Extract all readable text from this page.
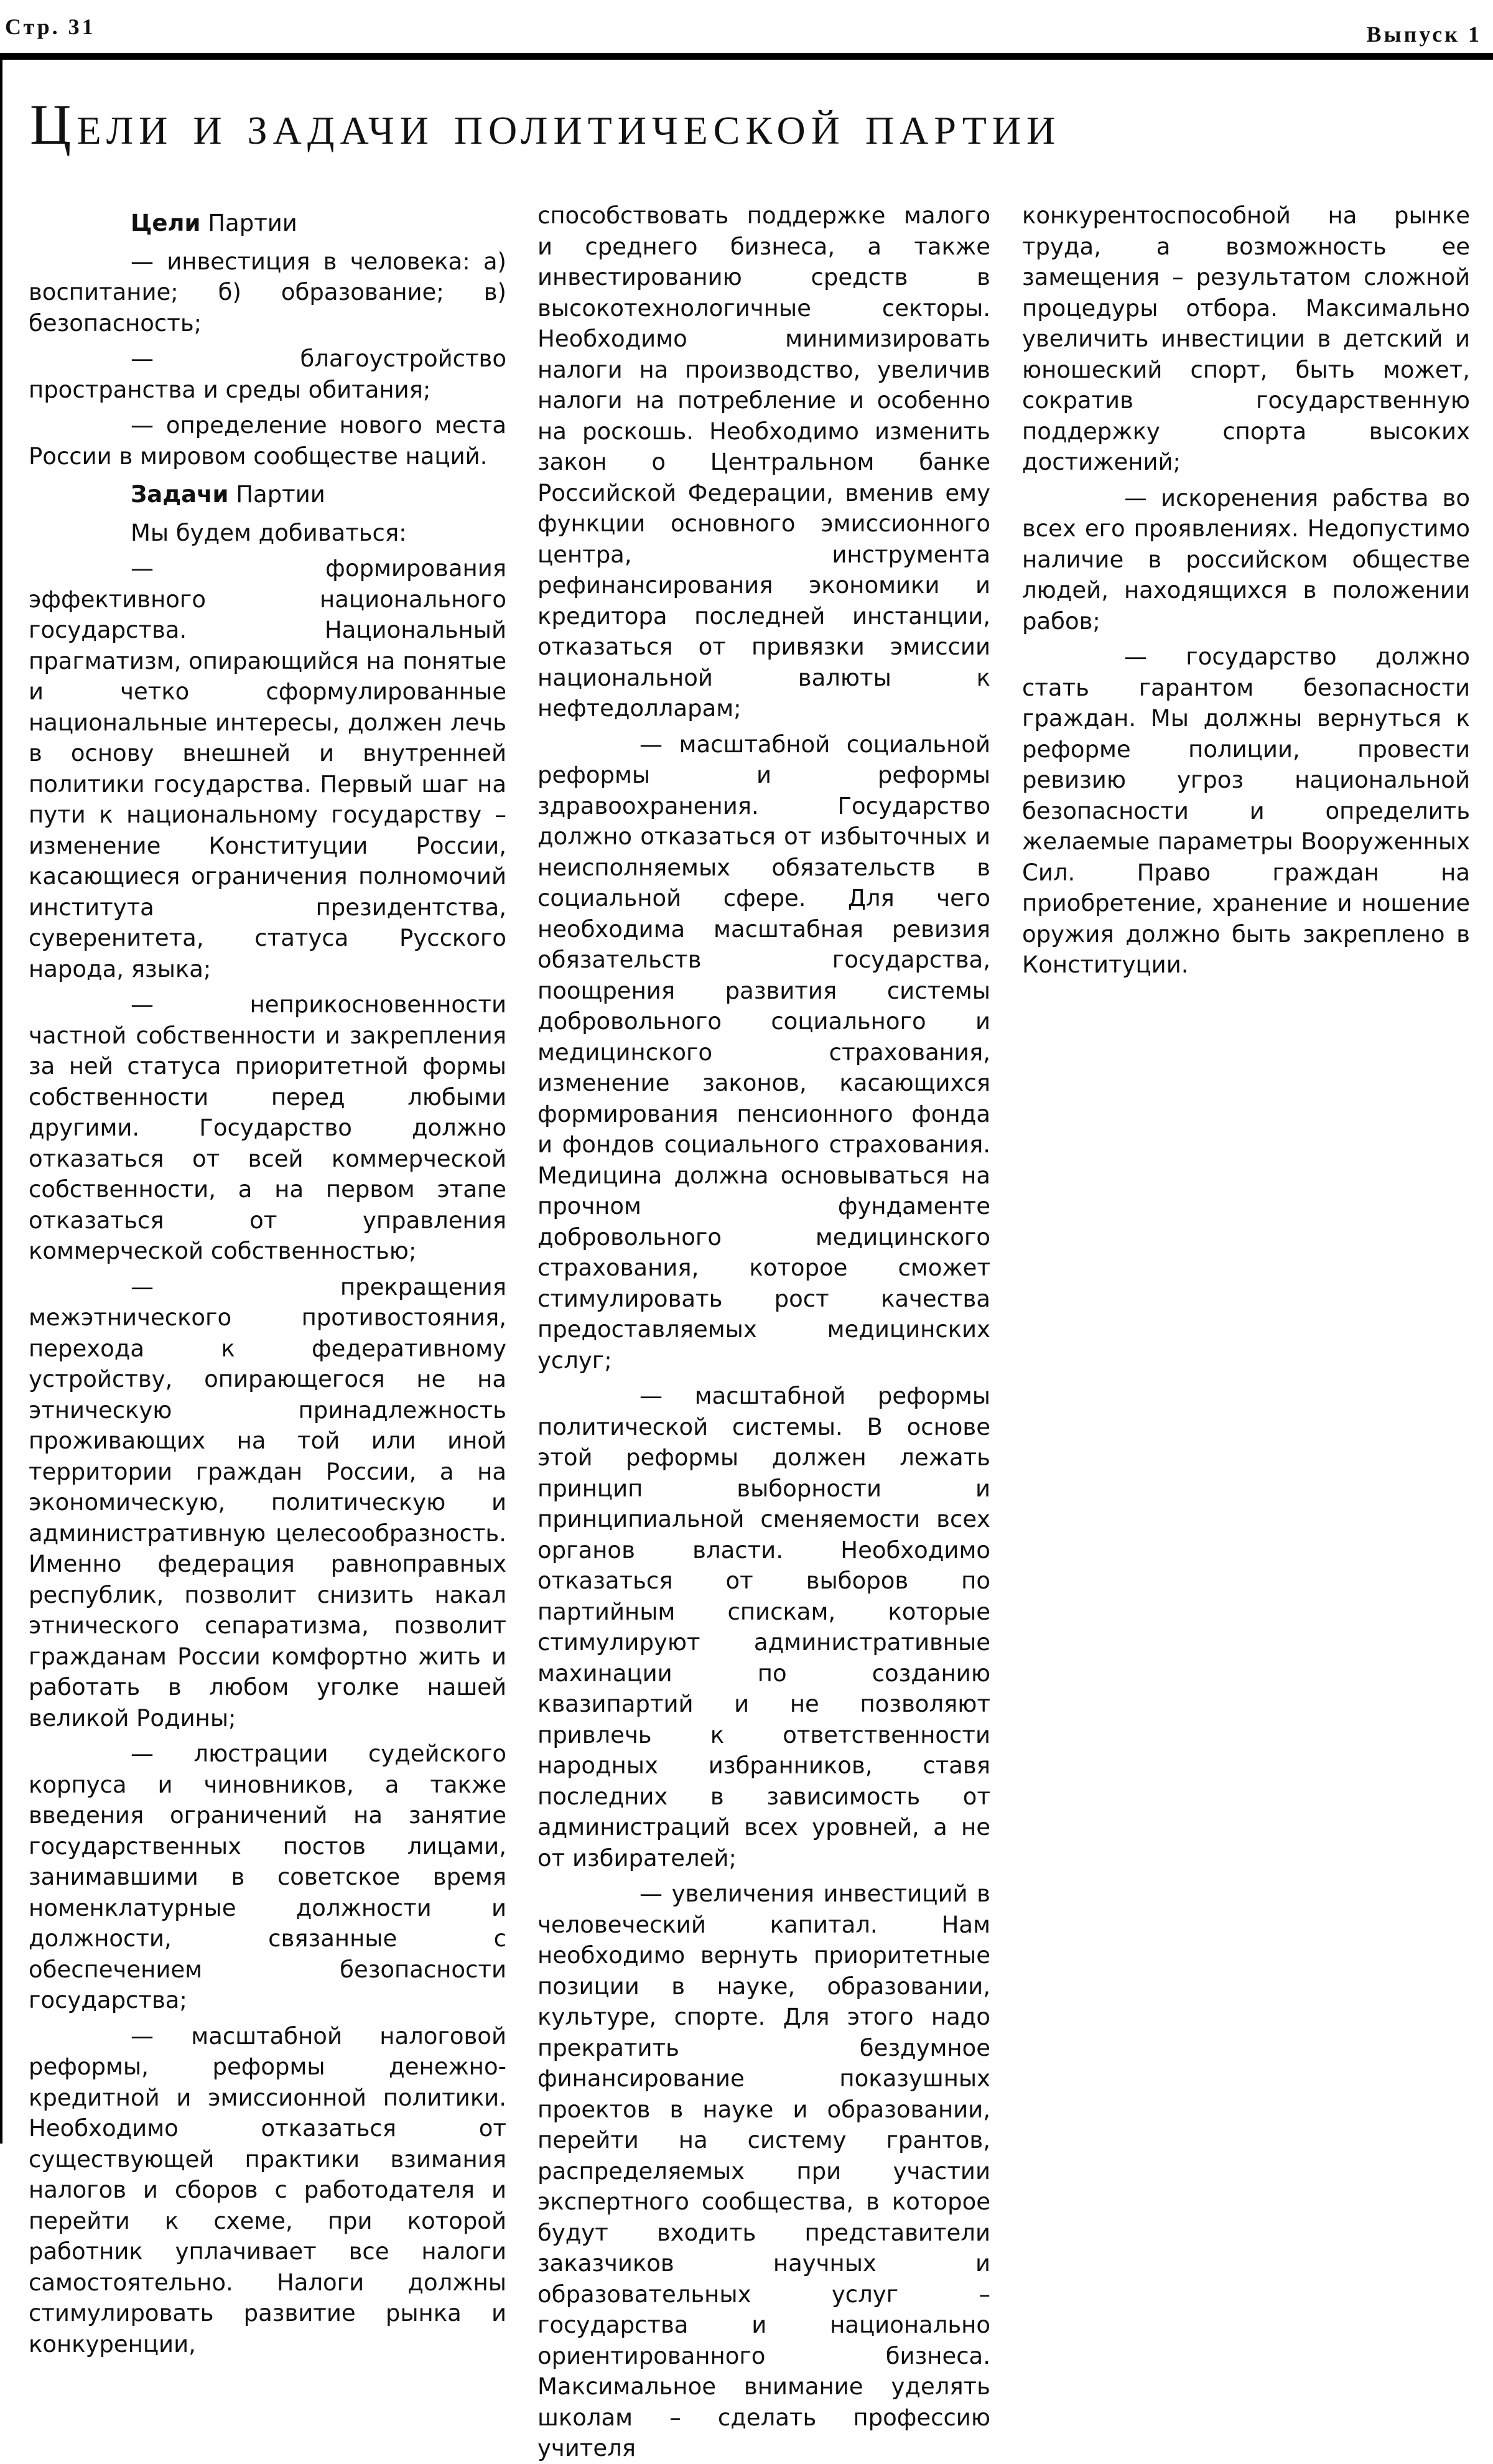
Стр. 31	Выпуск 1
Цели и задачи политической партии

Цели Партии

— инвестиция в человека: а) воспитание; б) образование; в) безопасность;

— благоустройство пространства и среды обитания;

— определение нового места России в мировом сообществе наций.

Задачи Партии

Мы будем добиваться:

— формирования эффективного национального государства. Национальный прагматизм, опирающийся на понятые и четко сформулированные национальные интересы, должен лечь в основу внешней и внутренней политики государства. Первый шаг на пути к национальному государству – изменение Конституции России, касающиеся ограничения полномочий института президентства, суверенитета, статуса Русского народа, языка;

— неприкосновенности частной собственности и закрепления за ней статуса приоритетной формы собственности перед любыми другими. Государство должно отказаться от всей коммерческой собственности, а на первом этапе отказаться от управления коммерческой собственностью;

— прекращения межэтнического противостояния, перехода к федеративному устройству, опирающегося не на этническую принадлежность проживающих на той или иной территории граждан России, а на экономическую, политическую и административную целесообразность. Именно федерация равноправных республик, позволит снизить накал этнического сепаратизма, позволит гражданам России комфортно жить и работать в любом уголке нашей великой Родины;

— люстрации судейского корпуса и чиновников, а также введения ограничений на занятие государственных постов лицами, занимавшими в советское время номенклатурные должности и должности, связанные с обеспечением безопасности государства;

— масштабной налоговой реформы, реформы денежно-кредитной и эмиссионной политики. Необходимо отказаться от существующей практики взимания налогов и сборов с работодателя и перейти к схеме, при которой работник уплачивает все налоги самостоятельно. Налоги должны стимулировать развитие рынка и конкуренции,

способствовать поддержке малого и среднего бизнеса, а также инвестированию средств в высокотехнологичные секторы. Необходимо минимизировать налоги на производство, увеличив налоги на потребление и особенно на роскошь. Необходимо изменить закон о Центральном банке Российской Федерации, вменив ему функции основного эмиссионного центра, инструмента рефинансирования экономики и кредитора последней инстанции, отказаться от привязки эмиссии национальной валюты к нефтедолларам;

— масштабной социальной реформы и реформы здравоохранения. Государство должно отказаться от избыточных и неисполняемых обязательств в социальной сфере. Для чего необходима масштабная ревизия обязательств государства, поощрения развития системы добровольного социального и медицинского страхования, изменение законов, касающихся формирования пенсионного фонда и фондов социального страхования. Медицина должна основываться на прочном фундаменте добровольного медицинского страхования, которое сможет стимулировать рост качества предоставляемых медицинских услуг;

— масштабной реформы политической системы. В основе этой реформы должен лежать принцип выборности и принципиальной сменяемости всех органов власти. Необходимо отказаться от выборов по партийным спискам, которые стимулируют административные махинации по созданию квазипартий и не позволяют привлечь к ответственности народных избранников, ставя последних в зависимость от администраций всех уровней, а не от избирателей;

— увеличения инвестиций в человеческий капитал. Нам необходимо вернуть приоритетные позиции в науке, образовании, культуре, спорте. Для этого надо прекратить бездумное финансирование показушных проектов в науке и образовании, перейти на систему грантов, распределяемых при участии экспертного сообщества, в которое будут входить представители заказчиков научных и образовательных услуг – государства и национально ориентированного бизнеса. Максимальное внимание уделять школам – сделать профессию учителя

конкурентоспособной на рынке труда, а возможность ее замещения – результатом сложной процедуры отбора. Максимально увеличить инвестиции в детский и юношеский спорт, быть может, сократив государственную поддержку спорта высоких достижений;

— искоренения рабства во всех его проявлениях. Недопустимо наличие в российском обществе людей, находящихся в положении рабов;

— государство должно стать гарантом безопасности граждан. Мы должны вернуться к реформе полиции, провести ревизию угроз национальной безопасности и определить желаемые параметры Вооруженных Сил. Право граждан на приобретение, хранение и ношение оружия должно быть закреплено в Конституции.
